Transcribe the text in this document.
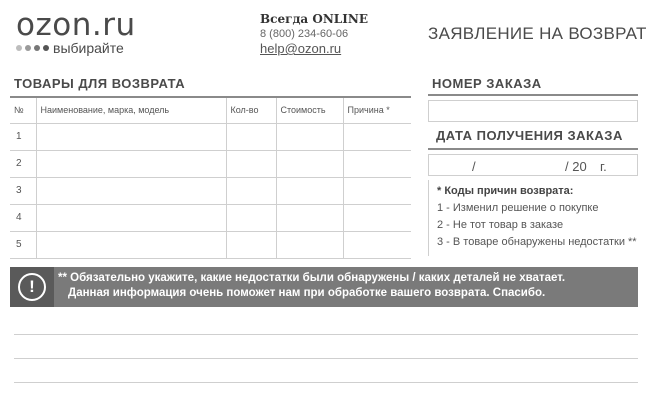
ozon.ru
выбирайте
Всегда ONLINE
8 (800) 234-60-06
help@ozon.ru
ЗАЯВЛЕНИЕ НА ВОЗВРАТ
ТОВАРЫ ДЛЯ ВОЗВРАТА
№	Наименование, марка, модель	Кол-во	Стоимость	Причина *
1				
2				
3				
4				
5				
НОМЕР ЗАКАЗА
ДАТА ПОЛУЧЕНИЯ ЗАКАЗА
/	/ 20 г.
* Коды причин возврата:
1 - Изменил решение о покупке
2 - Не тот товар в заказе
3 - В товаре обнаружены недостатки **
!	** Обязательно укажите, какие недостатки были обнаружены / каких деталей не хватает.
Данная информация очень поможет нам при обработке вашего возврата. Спасибо.
